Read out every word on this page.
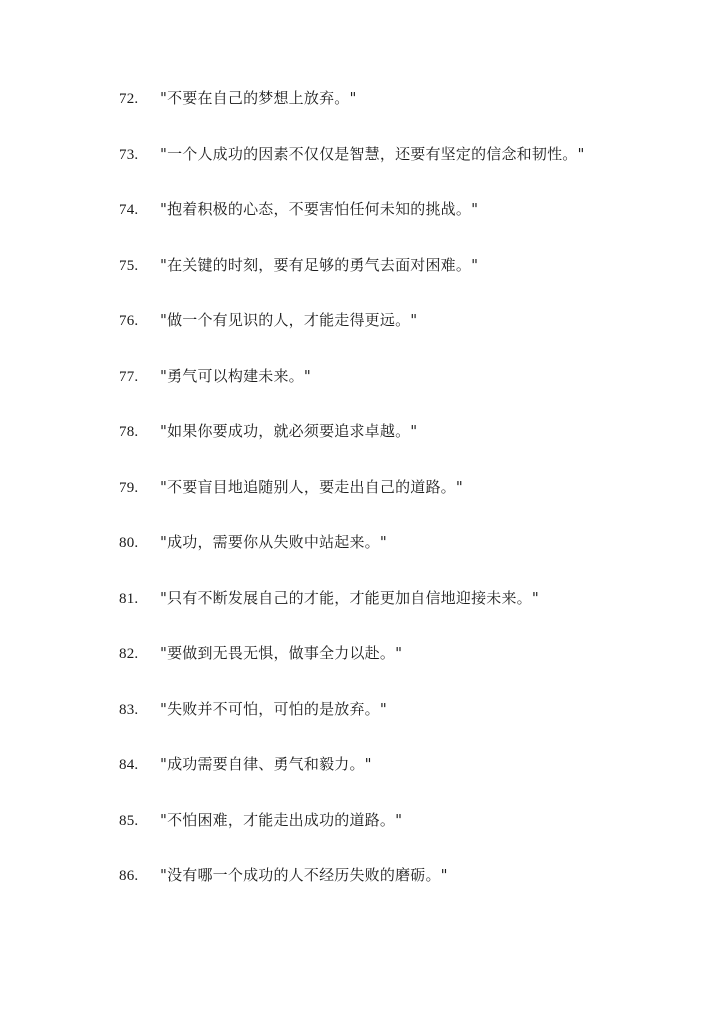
72. "不要在自己的梦想上放弃。"
73. "一个人成功的因素不仅仅是智慧，还要有坚定的信念和韧性。"
74. "抱着积极的心态，不要害怕任何未知的挑战。"
75. "在关键的时刻，要有足够的勇气去面对困难。"
76. "做一个有见识的人，才能走得更远。"
77. "勇气可以构建未来。"
78. "如果你要成功，就必须要追求卓越。"
79. "不要盲目地追随别人，要走出自己的道路。"
80. "成功，需要你从失败中站起来。"
81. "只有不断发展自己的才能，才能更加自信地迎接未来。"
82. "要做到无畏无惧，做事全力以赴。"
83. "失败并不可怕，可怕的是放弃。"
84. "成功需要自律、勇气和毅力。"
85. "不怕困难，才能走出成功的道路。"
86. "没有哪一个成功的人不经历失败的磨砺。"
